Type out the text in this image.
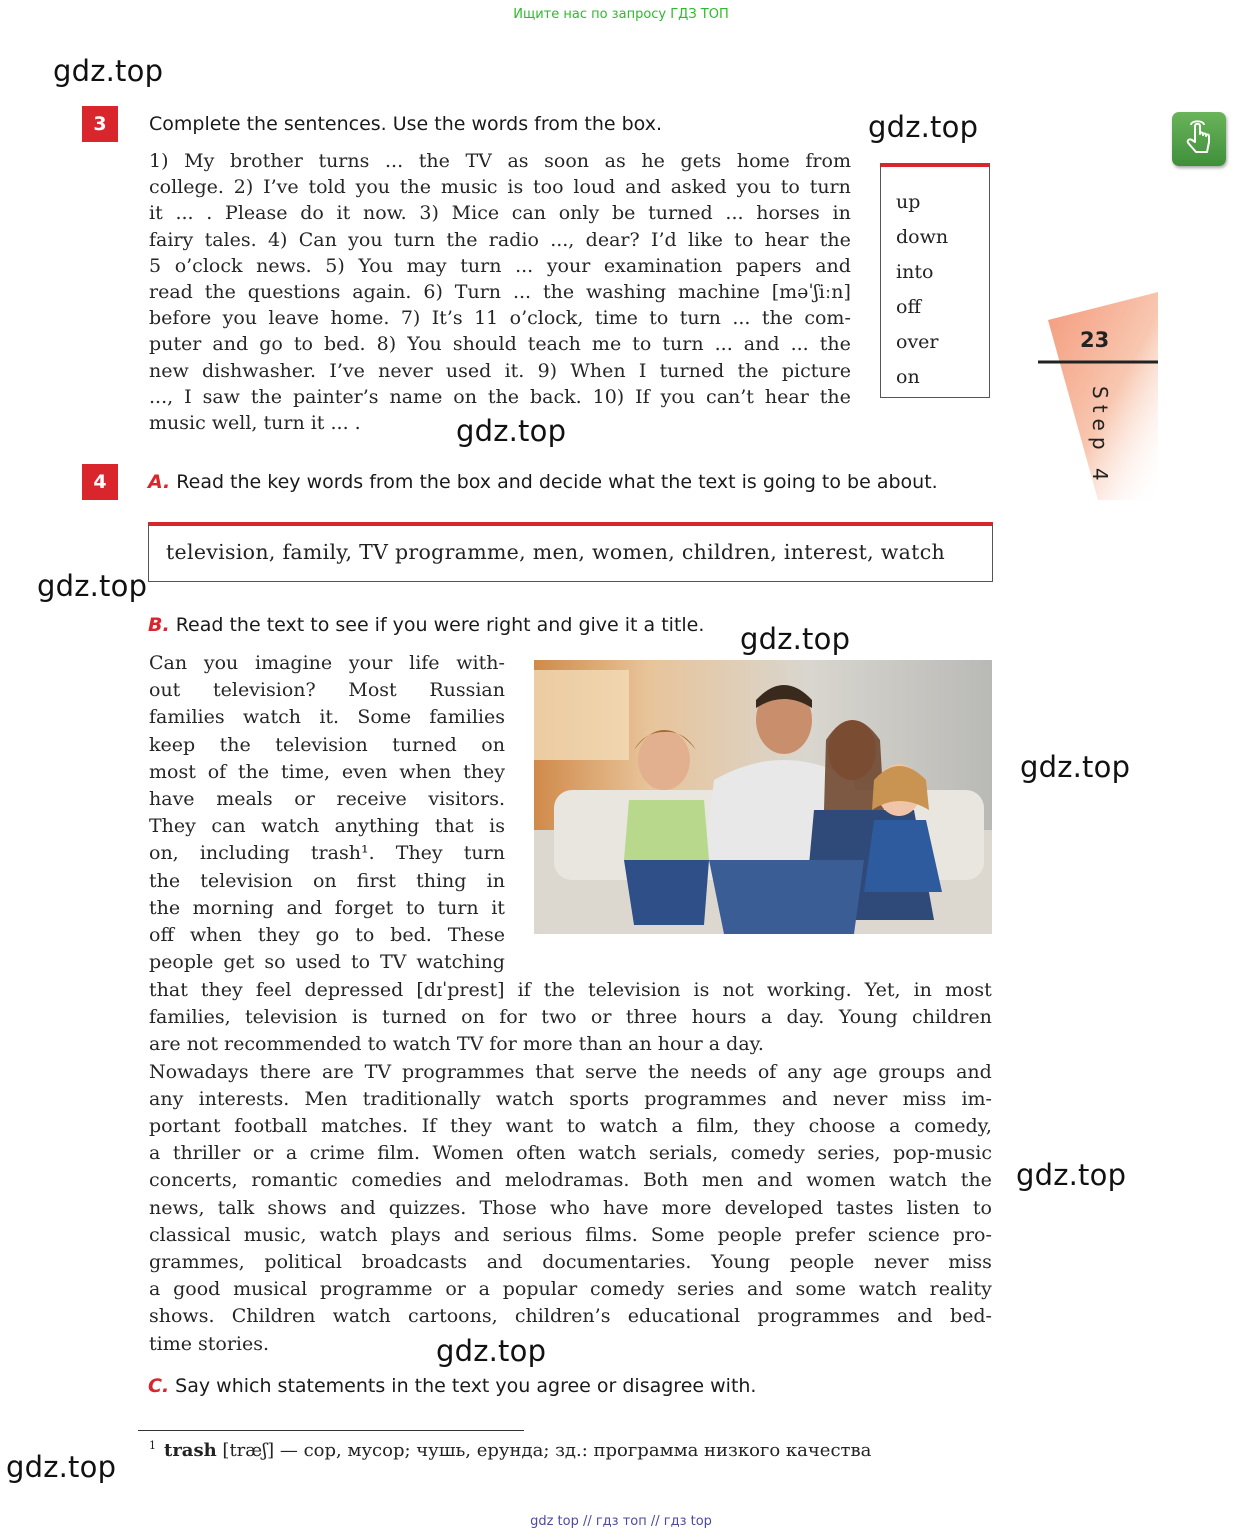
Ищите нас по запросу ГДЗ ТОП
gdz top // гдз топ // гдз top
gdz.top
gdz.top
gdz.top
gdz.top
gdz.top
gdz.top
gdz.top
gdz.top
gdz.top
23
Step 4
3	Complete the sentences. Use the words from the box.
1) My brother turns ... the TV as soon as he gets home from
college. 2) I’ve told you the music is too loud and asked you to turn
it ... . Please do it now. 3) Mice can only be turned ... horses in
fairy tales. 4) Can you turn the radio ..., dear? I’d like to hear the
5 o’clock news. 5) You may turn ... your examination papers and
read the questions again. 6) Turn ... the washing machine [məˈʃiːn]
before you leave home. 7) It’s 11 o’clock, time to turn ... the com-
puter and go to bed. 8) You should teach me to turn ... and ... the
new dishwasher. I’ve never used it. 9) When I turned the picture
..., I saw the painter’s name on the back. 10) If you can’t hear the
music well, turn it ... .
up
down
into
off
over
on
4	A. Read the key words from the box and decide what the text is going to be about.
television, family, TV programme, men, women, children, interest, watch
B. Read the text to see if you were right and give it a title.
Can you imagine your life with-
out television? Most Russian
families watch it. Some families
keep the television turned on
most of the time, even when they
have meals or receive visitors.
They can watch anything that is
on, including trash¹. They turn
the television on first thing in
the morning and forget to turn it
off when they go to bed. These
people get so used to TV watching
that they feel depressed [dɪˈprest] if the television is not working. Yet, in most
families, television is turned on for two or three hours a day. Young children
are not recommended to watch TV for more than an hour a day.
Nowadays there are TV programmes that serve the needs of any age groups and
any interests. Men traditionally watch sports programmes and never miss im-
portant football matches. If they want to watch a film, they choose a comedy,
a thriller or a crime film. Women often watch serials, comedy series, pop-music
concerts, romantic comedies and melodramas. Both men and women watch the
news, talk shows and quizzes. Those who have more developed tastes listen to
classical music, watch plays and serious films. Some people prefer science pro-
grammes, political broadcasts and documentaries. Young people never miss
a good musical programme or a popular comedy series and some watch reality
shows. Children watch cartoons, children’s educational programmes and bed-
time stories.
C. Say which statements in the text you agree or disagree with.
$^1$ trash [træʃ] — сор, мусор; чушь, ерунда; зд.: программа низкого качества
